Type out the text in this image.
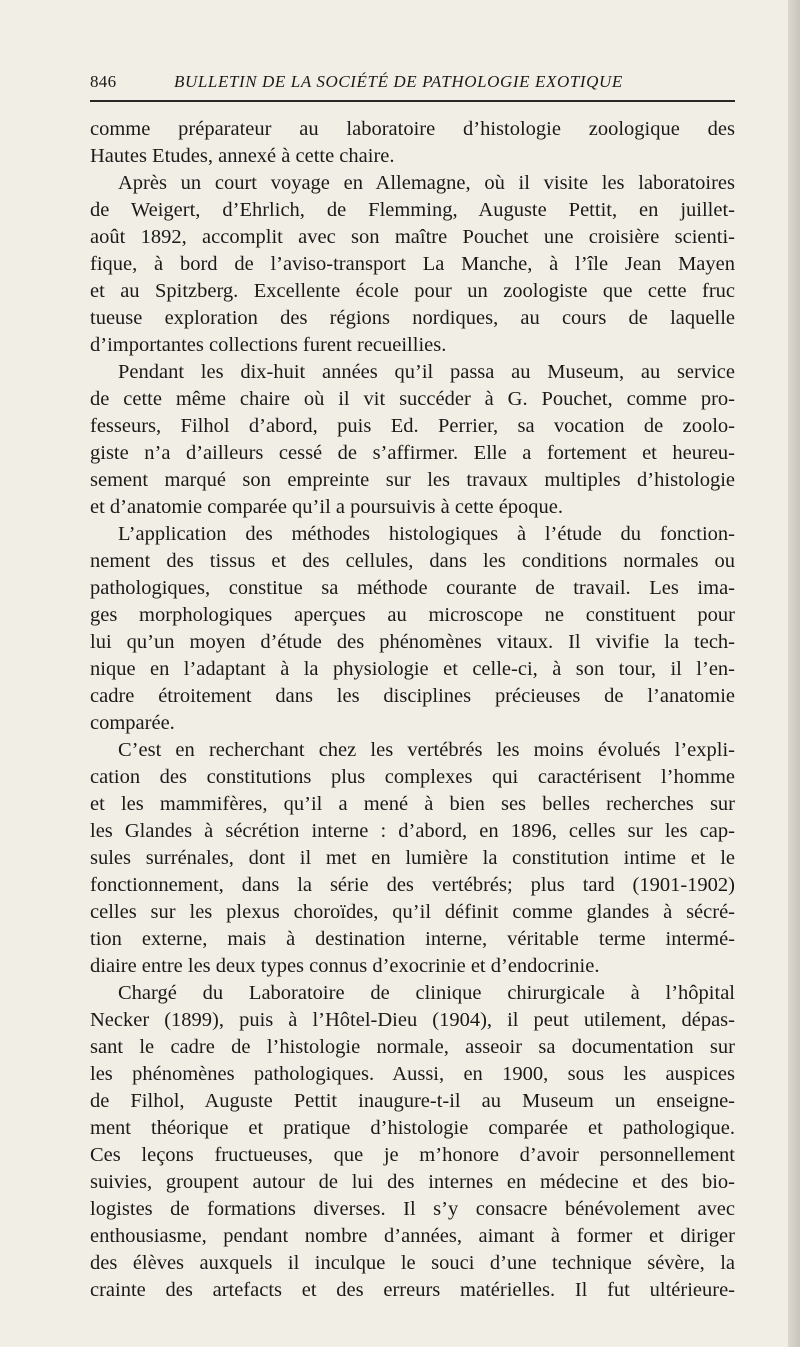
846	BULLETIN DE LA SOCIÉTÉ DE PATHOLOGIE EXOTIQUE
comme préparateur au laboratoire d’histologie zoologique des
Hautes Etudes, annexé à cette chaire.
Après un court voyage en Allemagne, où il visite les laboratoires
de Weigert, d’Ehrlich, de Flemming, Auguste Pettit, en juillet-
août 1892, accomplit avec son maître Pouchet une croisière scienti-
fique, à bord de l’aviso-transport La Manche, à l’île Jean Mayen
et au Spitzberg. Excellente école pour un zoologiste que cette fruc
tueuse exploration des régions nordiques, au cours de laquelle
d’importantes collections furent recueillies.
Pendant les dix-huit années qu’il passa au Museum, au service
de cette même chaire où il vit succéder à G. Pouchet, comme pro-
fesseurs, Filhol d’abord, puis Ed. Perrier, sa vocation de zoolo-
giste n’a d’ailleurs cessé de s’affirmer. Elle a fortement et heureu-
sement marqué son empreinte sur les travaux multiples d’histologie
et d’anatomie comparée qu’il a poursuivis à cette époque.
L’application des méthodes histologiques à l’étude du fonction-
nement des tissus et des cellules, dans les conditions normales ou
pathologiques, constitue sa méthode courante de travail. Les ima-
ges morphologiques aperçues au microscope ne constituent pour
lui qu’un moyen d’étude des phénomènes vitaux. Il vivifie la tech-
nique en l’adaptant à la physiologie et celle-ci, à son tour, il l’en-
cadre étroitement dans les disciplines précieuses de l’anatomie
comparée.
C’est en recherchant chez les vertébrés les moins évolués l’expli-
cation des constitutions plus complexes qui caractérisent l’homme
et les mammifères, qu’il a mené à bien ses belles recherches sur
les Glandes à sécrétion interne : d’abord, en 1896, celles sur les cap-
sules surrénales, dont il met en lumière la constitution intime et le
fonctionnement, dans la série des vertébrés; plus tard (1901-1902)
celles sur les plexus choroïdes, qu’il définit comme glandes à sécré-
tion externe, mais à destination interne, véritable terme intermé-
diaire entre les deux types connus d’exocrinie et d’endocrinie.
Chargé du Laboratoire de clinique chirurgicale à l’hôpital
Necker (1899), puis à l’Hôtel-Dieu (1904), il peut utilement, dépas-
sant le cadre de l’histologie normale, asseoir sa documentation sur
les phénomènes pathologiques. Aussi, en 1900, sous les auspices
de Filhol, Auguste Pettit inaugure-t-il au Museum un enseigne-
ment théorique et pratique d’histologie comparée et pathologique.
Ces leçons fructueuses, que je m’honore d’avoir personnellement
suivies, groupent autour de lui des internes en médecine et des bio-
logistes de formations diverses. Il s’y consacre bénévolement avec
enthousiasme, pendant nombre d’années, aimant à former et diriger
des élèves auxquels il inculque le souci d’une technique sévère, la
crainte des artefacts et des erreurs matérielles. Il fut ultérieure-
